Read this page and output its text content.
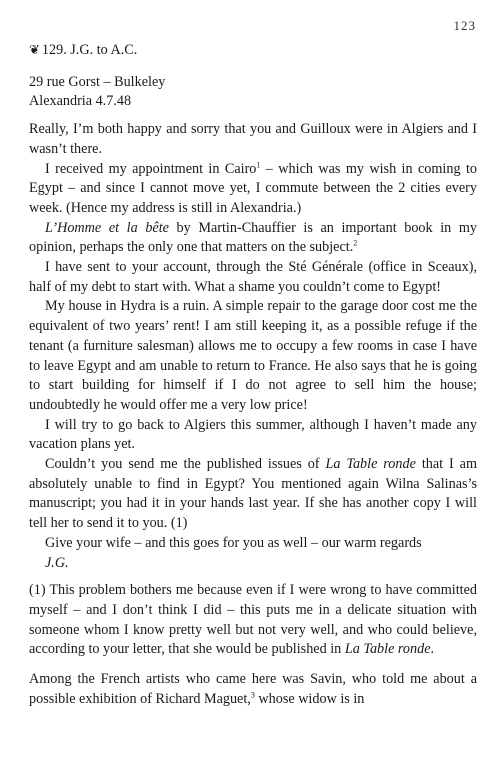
123
❦ 129. J.G. to A.C.
29 rue Gorst – Bulkeley
Alexandria 4.7.48

Really, I’m both happy and sorry that you and Guilloux were in Algiers and I wasn’t there.

I received my appointment in Cairo$^1$ – which was my wish in coming to Egypt – and since I cannot move yet, I commute between the 2 cities every week. (Hence my address is still in Alexandria.)

L’Homme et la bête by Martin-Chauffier is an important book in my opinion, perhaps the only one that matters on the subject.$^2$

I have sent to your account, through the Sté Générale (office in Sceaux), half of my debt to start with. What a shame you couldn’t come to Egypt!

My house in Hydra is a ruin. A simple repair to the garage door cost me the equivalent of two years’ rent! I am still keeping it, as a possible refuge if the tenant (a furniture salesman) allows me to occupy a few rooms in case I have to leave Egypt and am unable to return to France. He also says that he is going to start building for himself if I do not agree to sell him the house; undoubtedly he would offer me a very low price!

I will try to go back to Algiers this summer, although I haven’t made any vacation plans yet.

Couldn’t you send me the published issues of La Table ronde that I am absolutely unable to find in Egypt? You mentioned again Wilna Salinas’s manuscript; you had it in your hands last year. If she has another copy I will tell her to send it to you. (1)

Give your wife – and this goes for you as well – our warm regards

J.G.

(1) This problem bothers me because even if I were wrong to have committed myself – and I don’t think I did – this puts me in a delicate situation with someone whom I know pretty well but not very well, and who could believe, according to your letter, that she would be published in La Table ronde.

Among the French artists who came here was Savin, who told me about a possible exhibition of Richard Maguet,$^3$ whose widow is in
